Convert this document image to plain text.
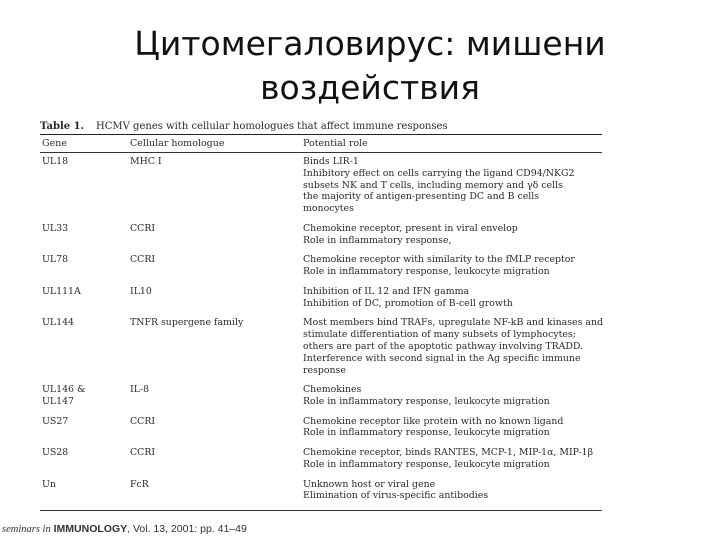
Цитомегаловирус: мишени
воздействия
Table 1. HCMV genes with cellular homologues that affect immune responses
Gene	Cellular homologue	Potential role
UL18	MHC I	Binds LIR-1
Inhibitory effect on cells carrying the ligand CD94/NKG2
subsets NK and T cells, including memory and γδ cells
the majority of antigen-presenting DC and B cells
monocytes
UL33	CCRI	Chemokine receptor, present in viral envelop
Role in inflammatory response,
UL78	CCRI	Chemokine receptor with similarity to the fMLP receptor
Role in inflammatory response, leukocyte migration
UL111A	IL10	Inhibition of IL 12 and IFN gamma
Inhibition of DC, promotion of B-cell growth
UL144	TNFR supergene family	Most members bind TRAFs, upregulate NF-kB and kinases and
stimulate differentiation of many subsets of lymphocytes;
others are part of the apoptotic pathway involving TRADD.
Interference with second signal in the Ag specific immune
response
UL146 &
UL147
IL-8	Chemokines
Role in inflammatory response, leukocyte migration
US27	CCRI	Chemokine receptor like protein with no known ligand
Role in inflammatory response, leukocyte migration
US28	CCRI	Chemokine receptor, binds RANTES, MCP-1, MIP-1α, MIP-1β
Role in inflammatory response, leukocyte migration
Un	FcR	Unknown host or viral gene
Elimination of virus-specific antibodies
seminars in IMMUNOLOGY, Vol. 13, 2001: pp. 41–49
